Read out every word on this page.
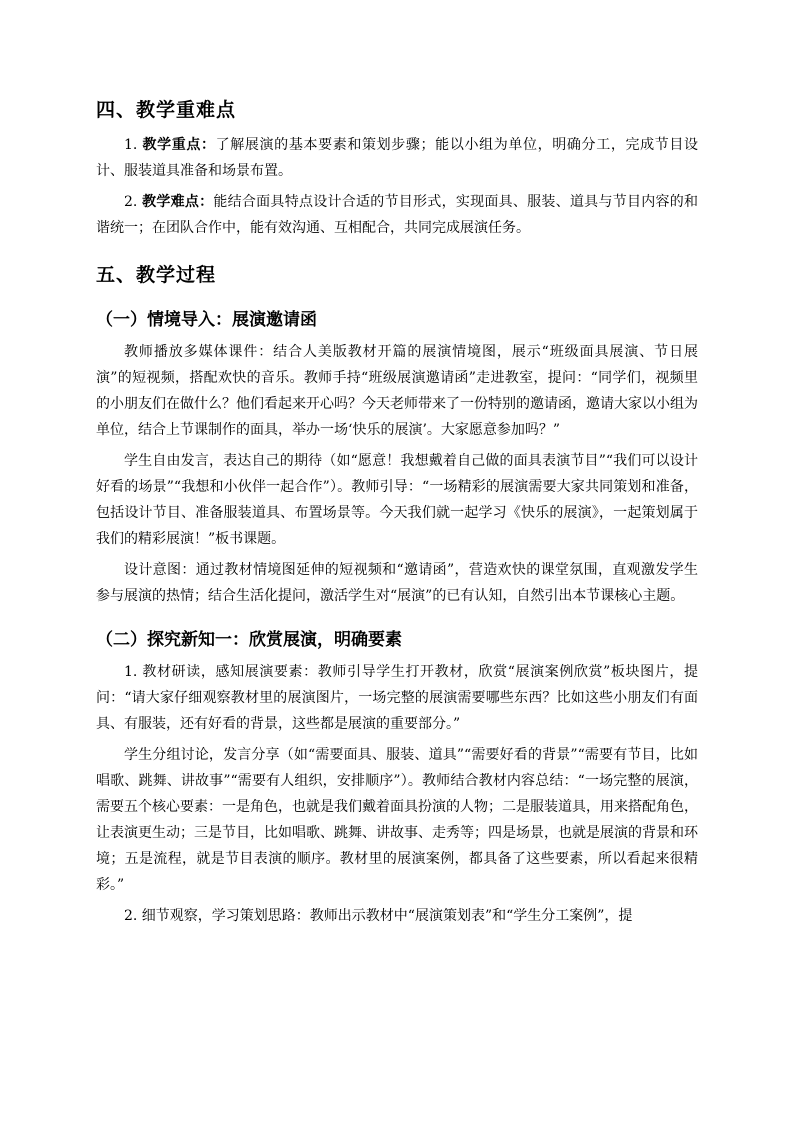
四、教学重难点

1. 教学重点：了解展演的基本要素和策划步骤；能以小组为单位，明确分工，完成节目设计、服装道具准备和场景布置。

2. 教学难点：能结合面具特点设计合适的节目形式，实现面具、服装、道具与节目内容的和谐统一；在团队合作中，能有效沟通、互相配合，共同完成展演任务。

五、教学过程
（一）情境导入：展演邀请函

教师播放多媒体课件：结合人美版教材开篇的展演情境图，展示“班级面具展演、节日展演”的短视频，搭配欢快的音乐。教师手持“班级展演邀请函”走进教室，提问：“同学们，视频里的小朋友们在做什么？他们看起来开心吗？今天老师带来了一份特别的邀请函，邀请大家以小组为单位，结合上节课制作的面具，举办一场‘快乐的展演’。大家愿意参加吗？”

学生自由发言，表达自己的期待（如“愿意！我想戴着自己做的面具表演节目”“我们可以设计好看的场景”“我想和小伙伴一起合作”）。教师引导：“一场精彩的展演需要大家共同策划和准备，包括设计节目、准备服装道具、布置场景等。今天我们就一起学习《快乐的展演》，一起策划属于我们的精彩展演！”板书课题。

设计意图：通过教材情境图延伸的短视频和“邀请函”，营造欢快的课堂氛围，直观激发学生参与展演的热情；结合生活化提问，激活学生对“展演”的已有认知，自然引出本节课核心主题。

（二）探究新知一：欣赏展演，明确要素

1. 教材研读，感知展演要素：教师引导学生打开教材，欣赏“展演案例欣赏”板块图片，提问：“请大家仔细观察教材里的展演图片，一场完整的展演需要哪些东西？比如这些小朋友们有面具、有服装，还有好看的背景，这些都是展演的重要部分。”

学生分组讨论，发言分享（如“需要面具、服装、道具”“需要好看的背景”“需要有节目，比如唱歌、跳舞、讲故事”“需要有人组织，安排顺序”）。教师结合教材内容总结：“一场完整的展演，需要五个核心要素：一是角色，也就是我们戴着面具扮演的人物；二是服装道具，用来搭配角色，让表演更生动；三是节目，比如唱歌、跳舞、讲故事、走秀等；四是场景，也就是展演的背景和环境；五是流程，就是节目表演的顺序。教材里的展演案例，都具备了这些要素，所以看起来很精彩。”

2. 细节观察，学习策划思路：教师出示教材中“展演策划表”和“学生分工案例”，提
